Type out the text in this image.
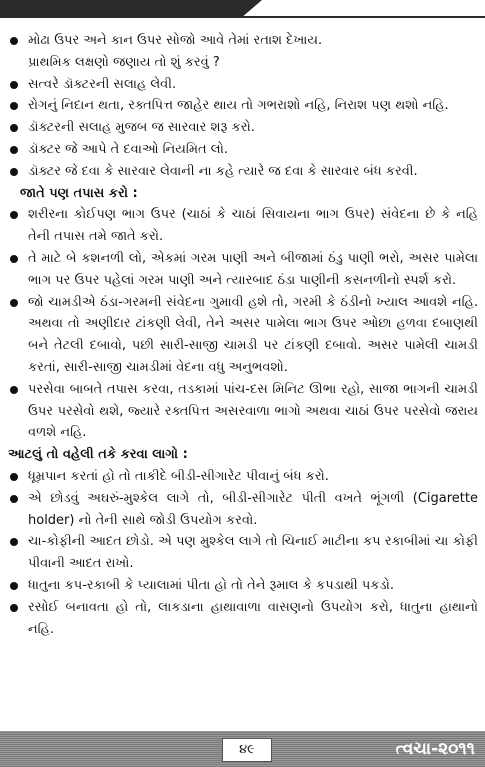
મોઢા ઉપર અને કાન ઉપર સોજો આવે તેમાં રતાશ દેખાય.
પ્રાથમિક લક્ષણો જણાય તો શું કરવું ?
સત્વરે ડૉક્ટરની સલાહ લેવી.
રોગનું નિદાન થતા, રક્તપિત્ત જાહેર થાય તો ગભરાશો નહિ, નિરાશ પણ થશો નહિ.
ડૉક્ટરની સલાહ મુજબ જ સારવાર શરૂ કરો.
ડૉક્ટર જે આપે તે દવાઓ નિયમિત લો.
ડૉક્ટર જે દવા કે સારવાર લેવાની ના કહે ત્યારે જ દવા કે સારવાર બંધ કરવી.
જાતે પણ તપાસ કરો :
શરીરના કોઈપણ ભાગ ઉપર (ચાઠાં કે ચાઠાં સિવાયના ભાગ ઉપર) સંવેદના છે કે નહિ તેની તપાસ તમે જાતે કરો.
તે માટે બે કશનળી લો, એકમાં ગરમ પાણી અને બીજામાં ઠંડુ પાણી ભરો, અસર પામેલા ભાગ પર ઉપર પહેલાં ગરમ પાણી અને ત્યારબાદ ઠંડા પાણીની કસનળીનો સ્પર્શ કરો.
જો ચામડીએ ઠંડા-ગરમની સંવેદના ગુમાવી હશે તો, ગરમી કે ઠંડીનો ખ્યાલ આવશે નહિ. અથવા તો અણીદાર ટાંકણી લેવી, તેને અસર પામેલા ભાગ ઉપર ઓછા હળવા દબાણથી બને તેટલી દબાવો, પછી સારી-સાજી ચામડી પર ટાંકણી દબાવો. અસર પામેલી ચામડી કરતાં, સારી-સાજી ચામડીમાં વેદના વધુ અનુભવશો.
પરસેવા બાબતે તપાસ કરવા, તડકામાં પાંચ-દસ મિનિટ ઊભા રહો, સાજા ભાગની ચામડી ઉપર પરસેવો થશે, જ્યારે રક્તપિત્ત અસરવાળા ભાગો અથવા ચાઠાં ઉપર પરસેવો જરાય વળશે નહિ.
આટલું તો વહેલી તકે કરવા લાગો :
ધૂમ્રપાન કરતાં હો તો તાકીદે બીડી-સીગારેટ પીવાનું બંધ કરો.
એ છોડવું અઘરું-મુશ્કેલ લાગે તો, બીડી-સીગારેટ પીતી વખતે ભૂંગળી (Cigarette holder) નો તેની સાથે જોડી ઉપયોગ કરવો.
ચા-કોફીની આદત છોડો. એ પણ મુશ્કેલ લાગે તો ચિનાઈ માટીના કપ રકાબીમાં ચા કોફી પીવાની આદત રાખો.
ધાતુના કપ-રકાબી કે પ્યાલામાં પીતા હો તો તેને રૂમાલ કે કપડાથી પકડો.
રસોઈ બનાવતા હો તો, લાકડાના હાથાવાળા વાસણનો ઉપયોગ કરો, ધાતુના હાથાનો નહિ.
૪૯	ત્વચા-૨૦૧૧
